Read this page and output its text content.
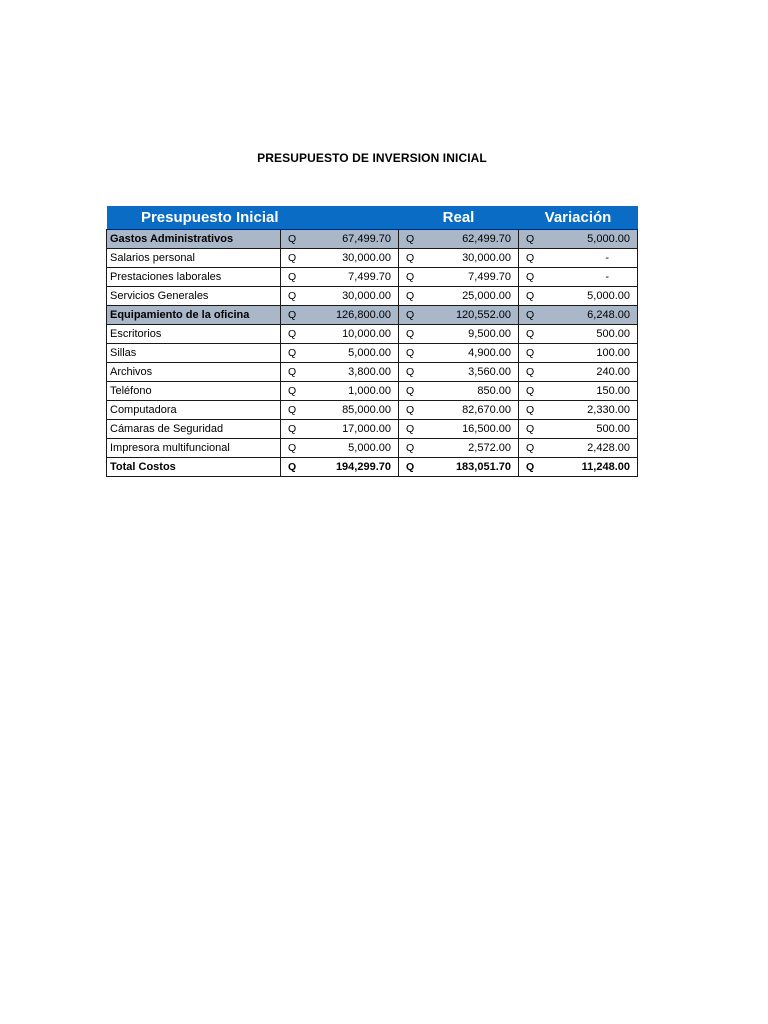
PRESUPUESTO DE INVERSION INICIAL
Presupuesto Inicial			Real		Variación	
Gastos Administrativos	Q	67,499.70	Q	62,499.70	Q	5,000.00
Salarios personal	Q	30,000.00	Q	30,000.00	Q	-
Prestaciones laborales	Q	7,499.70	Q	7,499.70	Q	-
Servicios Generales	Q	30,000.00	Q	25,000.00	Q	5,000.00
Equipamiento de la oficina	Q	126,800.00	Q	120,552.00	Q	6,248.00
Escritorios	Q	10,000.00	Q	9,500.00	Q	500.00
Sillas	Q	5,000.00	Q	4,900.00	Q	100.00
Archivos	Q	3,800.00	Q	3,560.00	Q	240.00
Teléfono	Q	1,000.00	Q	850.00	Q	150.00
Computadora	Q	85,000.00	Q	82,670.00	Q	2,330.00
Cámaras de Seguridad	Q	17,000.00	Q	16,500.00	Q	500.00
Impresora multifuncional	Q	5,000.00	Q	2,572.00	Q	2,428.00
Total Costos	Q	194,299.70	Q	183,051.70	Q	11,248.00
